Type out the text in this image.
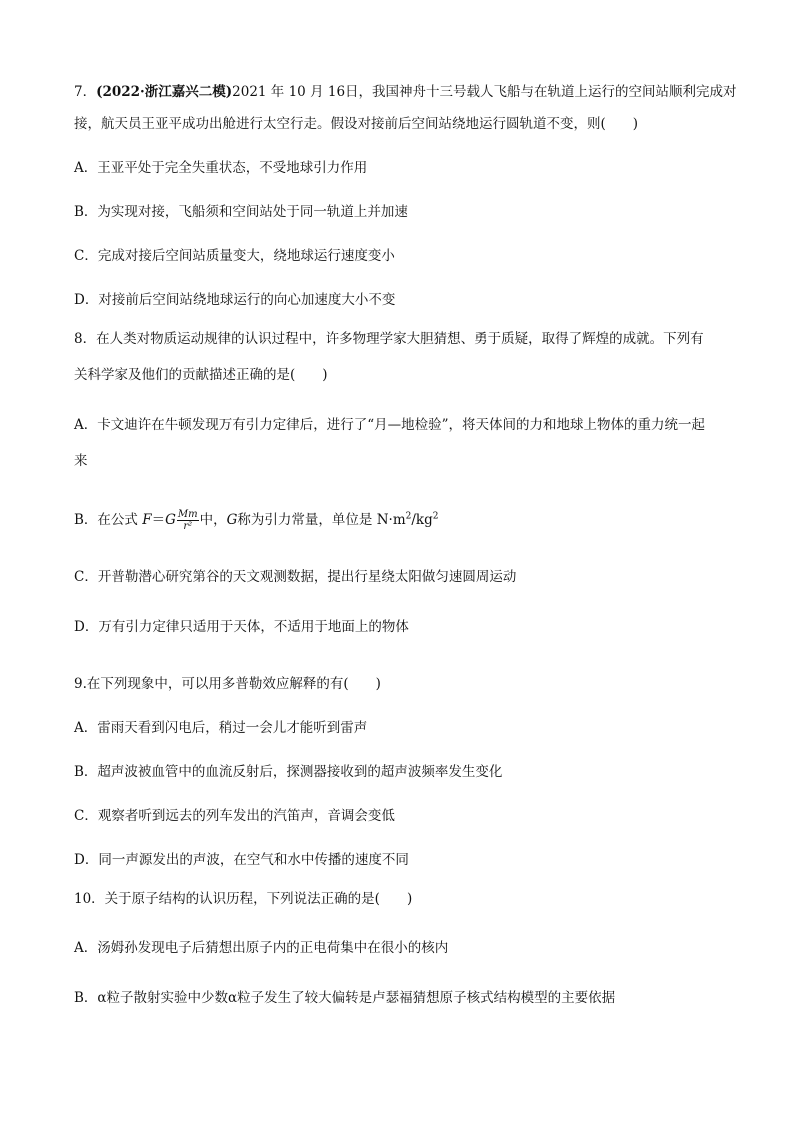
7．(2022·浙江嘉兴二模)2021 年 10 月 16日，我国神舟十三号载人飞船与在轨道上运行的空间站顺利完成对
接，航天员王亚平成功出舱进行太空行走。假设对接前后空间站绕地运行圆轨道不变，则(　　)
A．王亚平处于完全失重状态，不受地球引力作用
B．为实现对接，飞船须和空间站处于同一轨道上并加速
C．完成对接后空间站质量变大，绕地球运行速度变小
D．对接前后空间站绕地球运行的向心加速度大小不变
8．在人类对物质运动规律的认识过程中，许多物理学家大胆猜想、勇于质疑，取得了辉煌的成就。下列有
关科学家及他们的贡献描述正确的是(　　)
A．卡文迪许在牛顿发现万有引力定律后，进行了“月—地检验”，将天体间的力和地球上物体的重力统一起
来
B．在公式 $F=G \frac{Mm}{\text{r²}}$ 中，G称为引力常量，单位是 $N\cdot m^2/kg^2$
C．开普勒潜心研究第谷的天文观测数据，提出行星绕太阳做匀速圆周运动
D．万有引力定律只适用于天体，不适用于地面上的物体
9.在下列现象中，可以用多普勒效应解释的有(　　)
A．雷雨天看到闪电后，稍过一会儿才能听到雷声
B．超声波被血管中的血流反射后，探测器接收到的超声波频率发生变化
C．观察者听到远去的列车发出的汽笛声，音调会变低
D．同一声源发出的声波，在空气和水中传播的速度不同
10．关于原子结构的认识历程，下列说法正确的是(　　)
A．汤姆孙发现电子后猜想出原子内的正电荷集中在很小的核内
B．α粒子散射实验中少数α粒子发生了较大偏转是卢瑟福猜想原子核式结构模型的主要依据
